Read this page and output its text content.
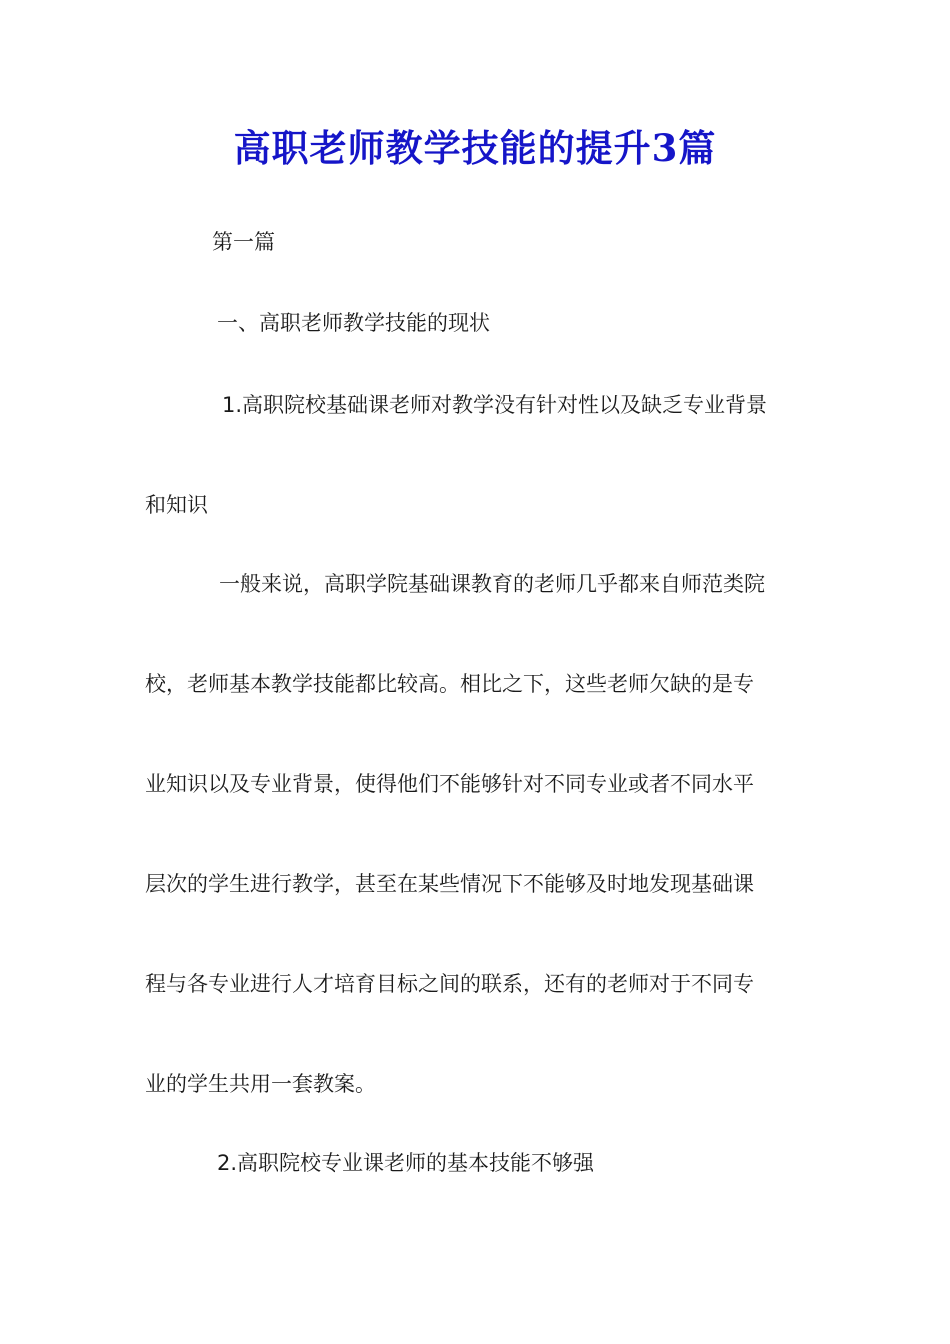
高职老师教学技能的提升3篇
第一篇
一、高职老师教学技能的现状
1.高职院校基础课老师对教学没有针对性以及缺乏专业背景
和知识
一般来说，高职学院基础课教育的老师几乎都来自师范类院
校，老师基本教学技能都比较高。相比之下，这些老师欠缺的是专
业知识以及专业背景，使得他们不能够针对不同专业或者不同水平
层次的学生进行教学，甚至在某些情况下不能够及时地发现基础课
程与各专业进行人才培育目标之间的联系，还有的老师对于不同专
业的学生共用一套教案。
2.高职院校专业课老师的基本技能不够强
